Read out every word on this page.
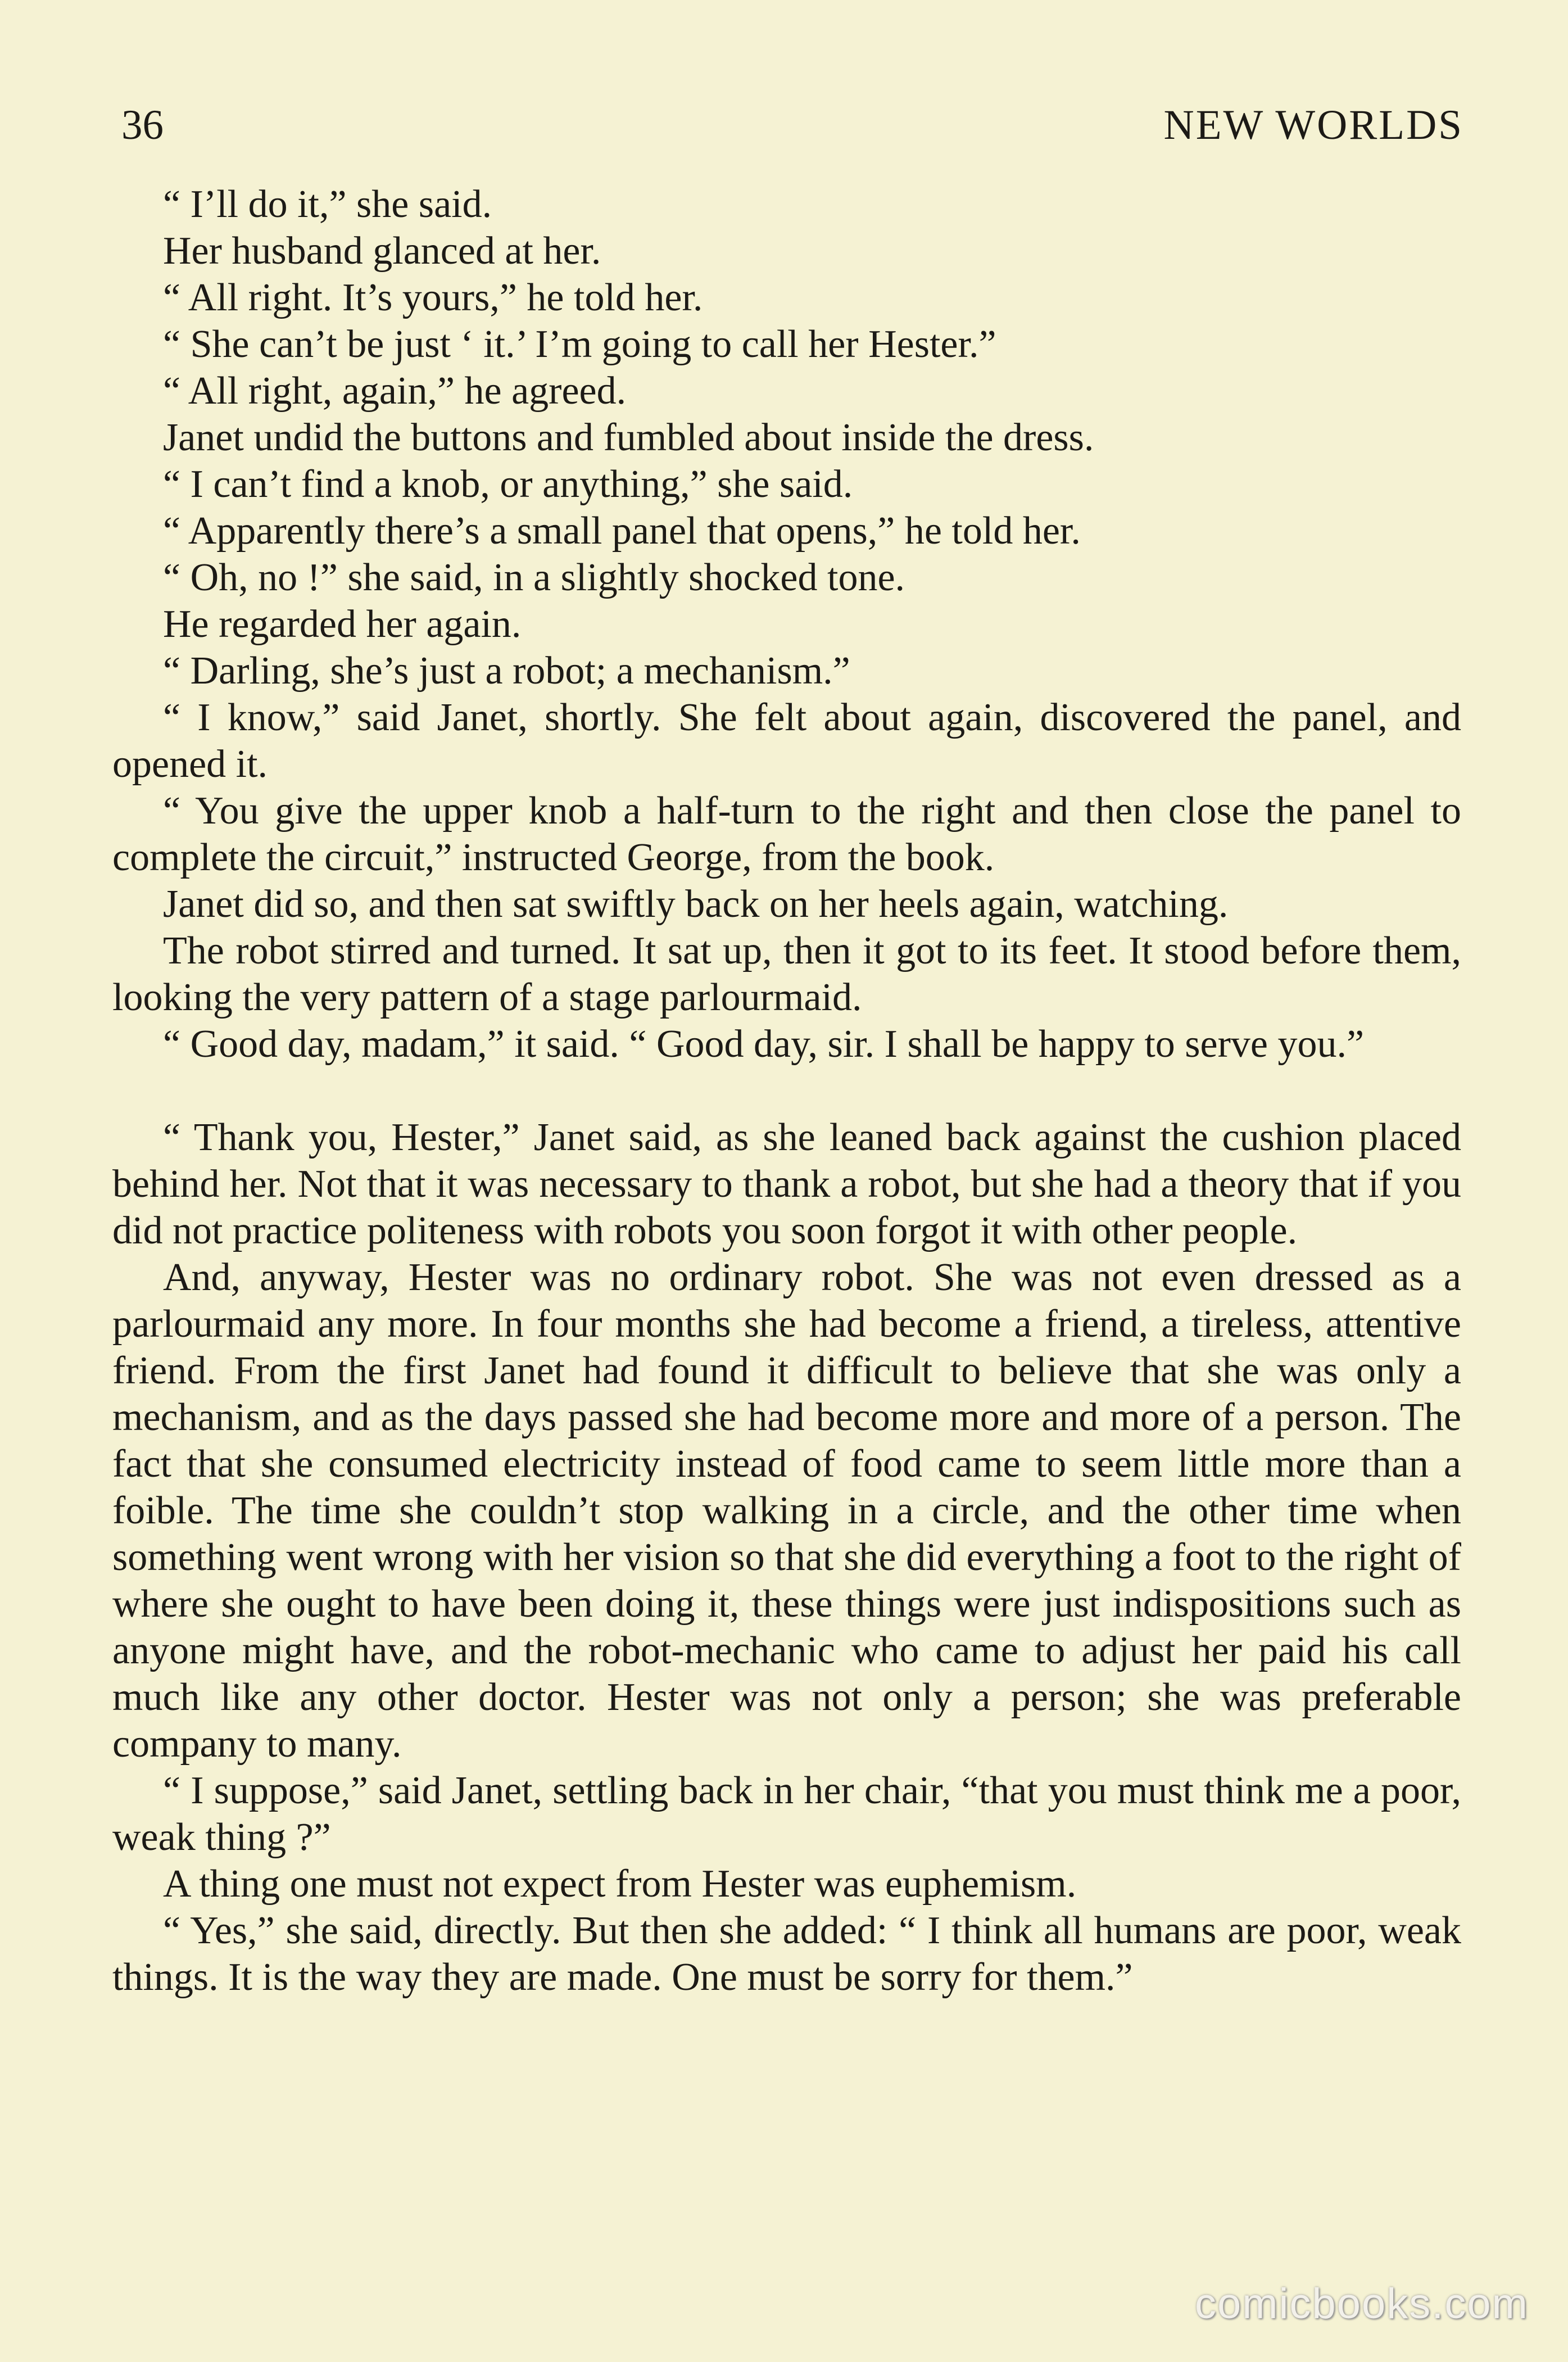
36	NEW WORLDS

“ I’ll do it,” she said.

Her husband glanced at her.

“ All right. It’s yours,” he told her.

“ She can’t be just ‘ it.’ I’m going to call her Hester.”

“ All right, again,” he agreed.

Janet undid the buttons and fumbled about inside the dress.

“ I can’t find a knob, or anything,” she said.

“ Apparently there’s a small panel that opens,” he told her.

“ Oh, no !” she said, in a slightly shocked tone.

He regarded her again.

“ Darling, she’s just a robot; a mechanism.”

“ I know,” said Janet, shortly. She felt about again, discovered the panel, and opened it.

“ You give the upper knob a half-turn to the right and then close the panel to complete the circuit,” instructed George, from the book.

Janet did so, and then sat swiftly back on her heels again, watching.

The robot stirred and turned. It sat up, then it got to its feet. It stood before them, looking the very pattern of a stage parlourmaid.

“ Good day, madam,” it said. “ Good day, sir. I shall be happy to serve you.”

“ Thank you, Hester,” Janet said, as she leaned back against the cushion placed behind her. Not that it was necessary to thank a robot, but she had a theory that if you did not practice politeness with robots you soon forgot it with other people.

And, anyway, Hester was no ordinary robot. She was not even dressed as a parlourmaid any more. In four months she had become a friend, a tireless, attentive friend. From the first Janet had found it difficult to believe that she was only a mechanism, and as the days passed she had become more and more of a person. The fact that she consumed electricity instead of food came to seem little more than a foible. The time she couldn’t stop walking in a circle, and the other time when something went wrong with her vision so that she did everything a foot to the right of where she ought to have been doing it, these things were just indispositions such as anyone might have, and the robot-mechanic who came to adjust her paid his call much like any other doctor. Hester was not only a person; she was preferable company to many.

“ I suppose,” said Janet, settling back in her chair, “that you must think me a poor, weak thing ?”

A thing one must not expect from Hester was euphemism.

“ Yes,” she said, directly. But then she added: “ I think all humans are poor, weak things. It is the way they are made. One must be sorry for them.”

comicbooks.com
